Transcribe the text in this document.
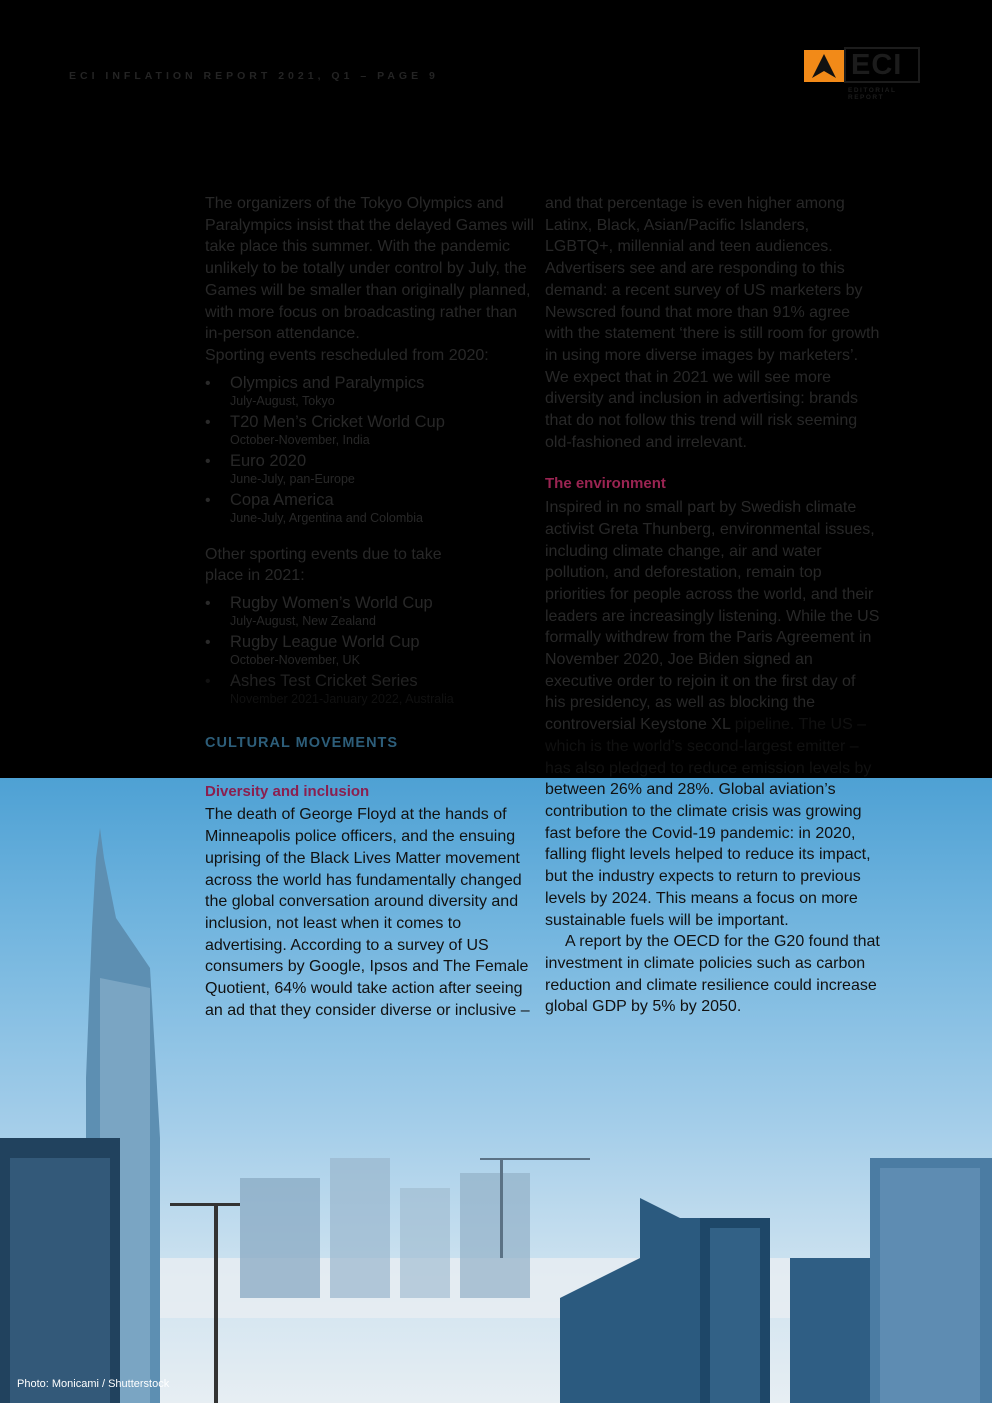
ECI INFLATION REPORT 2021, Q1 – PAGE 9	ECI
EDITORIAL REPORT

The organizers of the Tokyo Olympics and Paralympics insist that the delayed Games will take place this summer. With the pandemic unlikely to be totally under control by July, the Games will be smaller than originally planned, with more focus on broadcasting rather than in-person attendance.

Sporting events rescheduled from 2020:

• Olympics and Paralympics
July-August, Tokyo
• T20 Men’s Cricket World Cup
October-November, India
• Euro 2020
June-July, pan-Europe
• Copa America
June-July, Argentina and Colombia

Other sporting events due to take place in 2021:

• Rugby Women’s World Cup
July-August, New Zealand
• Rugby League World Cup
October-November, UK
• Ashes Test Cricket Series
November 2021-January 2022, Australia
CULTURAL MOVEMENTS
Diversity and inclusion

The death of George Floyd at the hands of Minneapolis police officers, and the ensuing uprising of the Black Lives Matter movement across the world has fundamentally changed the global conversation around diversity and inclusion, not least when it comes to advertising. According to a survey of US consumers by Google, Ipsos and The Female Quotient, 64% would take action after seeing an ad that they consider diverse or inclusive –

and that percentage is even higher among Latinx, Black, Asian/Pacific Islanders, LGBTQ+, millennial and teen audiences. Advertisers see and are responding to this demand: a recent survey of US marketers by Newscred found that more than 91% agree with the statement ‘there is still room for growth in using more diverse images by marketers’. We expect that in 2021 we will see more diversity and inclusion in advertising: brands that do not follow this trend will risk seeming old-fashioned and irrelevant.

The environment

Inspired in no small part by Swedish climate activist Greta Thunberg, environmental issues, including climate change, air and water pollution, and deforestation, remain top priorities for people across the world, and their leaders are increasingly listening. While the US formally withdrew from the Paris Agreement in November 2020, Joe Biden signed an executive order to rejoin it on the first day of his presidency, as well as blocking the controversial Keystone XL pipeline. The US – which is the world’s second-largest emitter – has also pledged to reduce emission levels by between 26% and 28%. Global aviation’s contribution to the climate crisis was growing fast before the Covid-19 pandemic: in 2020, falling flight levels helped to reduce its impact, but the industry expects to return to previous levels by 2024. This means a focus on more sustainable fuels will be important.

A report by the OECD for the G20 found that investment in climate policies such as carbon reduction and climate resilience could increase global GDP by 5% by 2050.

Photo: Monicami / Shutterstock
